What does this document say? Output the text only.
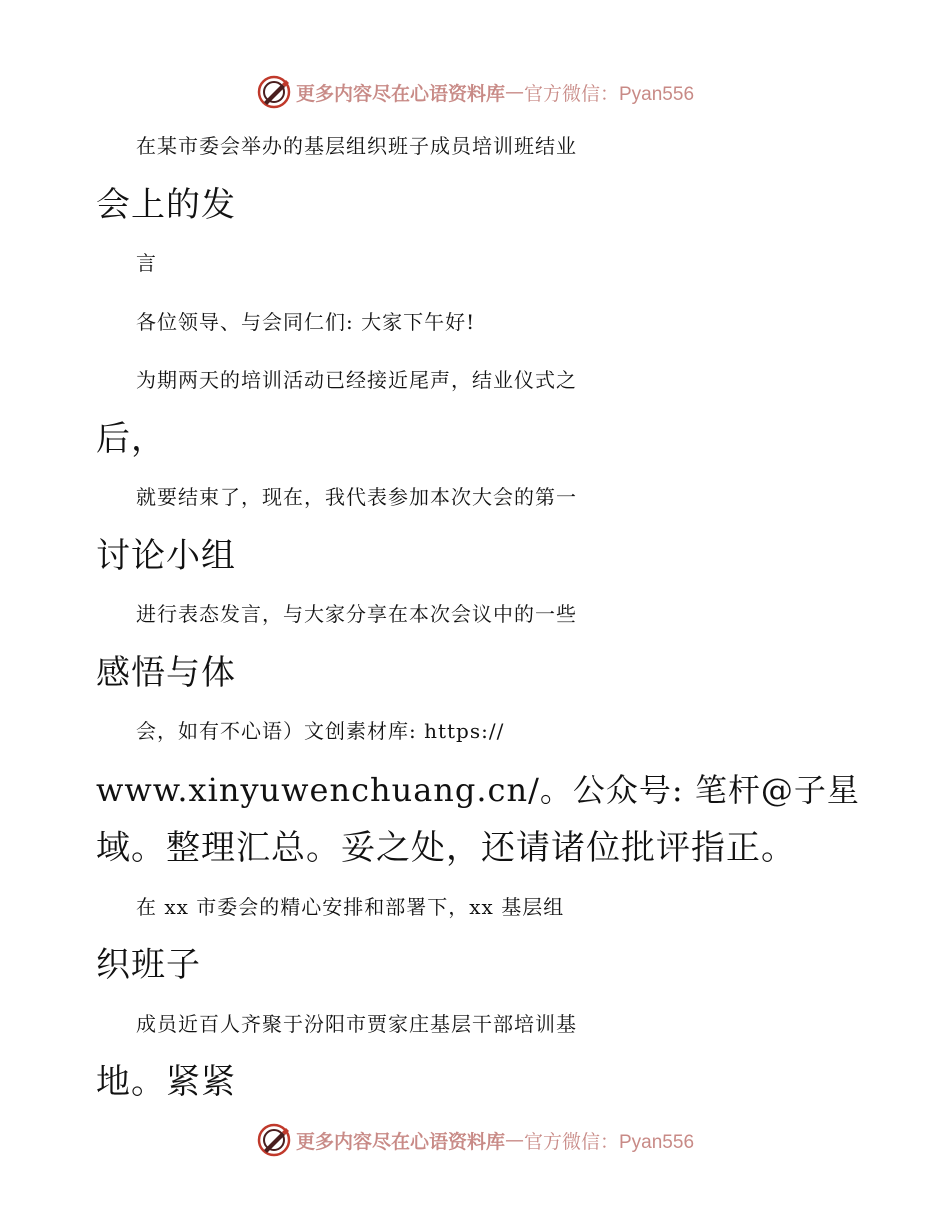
更多内容尽在心语资料库 — 官方微信：Pyan556
在某市委会举办的基层组织班子成员培训班结业
会上的发
言
各位领导、与会同仁们: 大家下午好!
为期两天的培训活动已经接近尾声，结业仪式之
后，
就要结束了，现在，我代表参加本次大会的第一
讨论小组
进行表态发言，与大家分享在本次会议中的一些
感悟与体
会，如有不心语）文创素材库: https://
www.xinyuwenchuang.cn/。公众号: 笔杆@子星
域。整理汇总。妥之处，还请诸位批评指正。
在 xx 市委会的精心安排和部署下，xx 基层组
织班子
成员近百人齐聚于汾阳市贾家庄基层干部培训基
地。紧紧
更多内容尽在心语资料库 — 官方微信：Pyan556
